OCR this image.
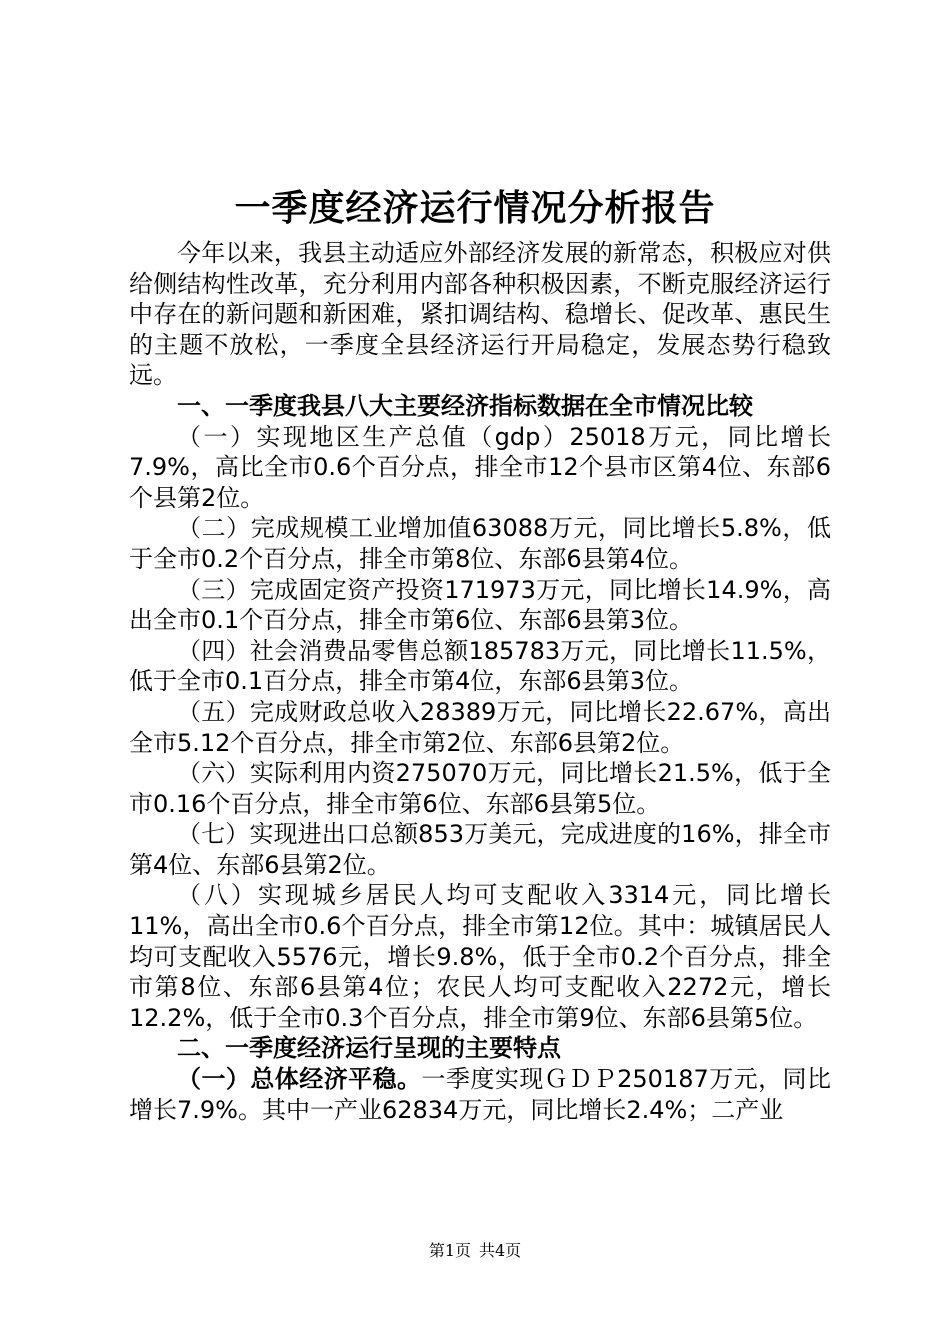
一季度经济运行情况分析报告

今年以来，我县主动适应外部经济发展的新常态，积极应对供给侧结构性改革，充分利用内部各种积极因素，不断克服经济运行中存在的新问题和新困难，紧扣调结构、稳增长、促改革、惠民生的主题不放松，一季度全县经济运行开局稳定，发展态势行稳致远。

一、一季度我县八大主要经济指标数据在全市情况比较

（一）实现地区生产总值（gdp）25018万元，同比增长7.9%，高比全市0.6个百分点，排全市12个县市区第4位、东部6个县第2位。

（二）完成规模工业增加值63088万元，同比增长5.8%，低于全市0.2个百分点，排全市第8位、东部6县第4位。

（三）完成固定资产投资171973万元，同比增长14.9%，高出全市0.1个百分点，排全市第6位、东部6县第3位。

（四）社会消费品零售总额185783万元，同比增长11.5%，低于全市0.1百分点，排全市第4位，东部6县第3位。

（五）完成财政总收入28389万元，同比增长22.67%，高出全市5.12个百分点，排全市第2位、东部6县第2位。

（六）实际利用内资275070万元，同比增长21.5%，低于全市0.16个百分点，排全市第6位、东部6县第5位。

（七）实现进出口总额853万美元，完成进度的16%，排全市第4位、东部6县第2位。

（八）实现城乡居民人均可支配收入3314元，同比增长11%，高出全市0.6个百分点，排全市第12位。其中：城镇居民人均可支配收入5576元，增长9.8%，低于全市0.2个百分点，排全市第8位、东部6县第4位；农民人均可支配收入2272元，增长12.2%，低于全市0.3个百分点，排全市第9位、东部6县第5位。

二、一季度经济运行呈现的主要特点

（一）总体经济平稳。一季度实现ＧＤＰ250187万元，同比增长7.9%。其中一产业62834万元，同比增长2.4%；二产业

第1页 共4页
